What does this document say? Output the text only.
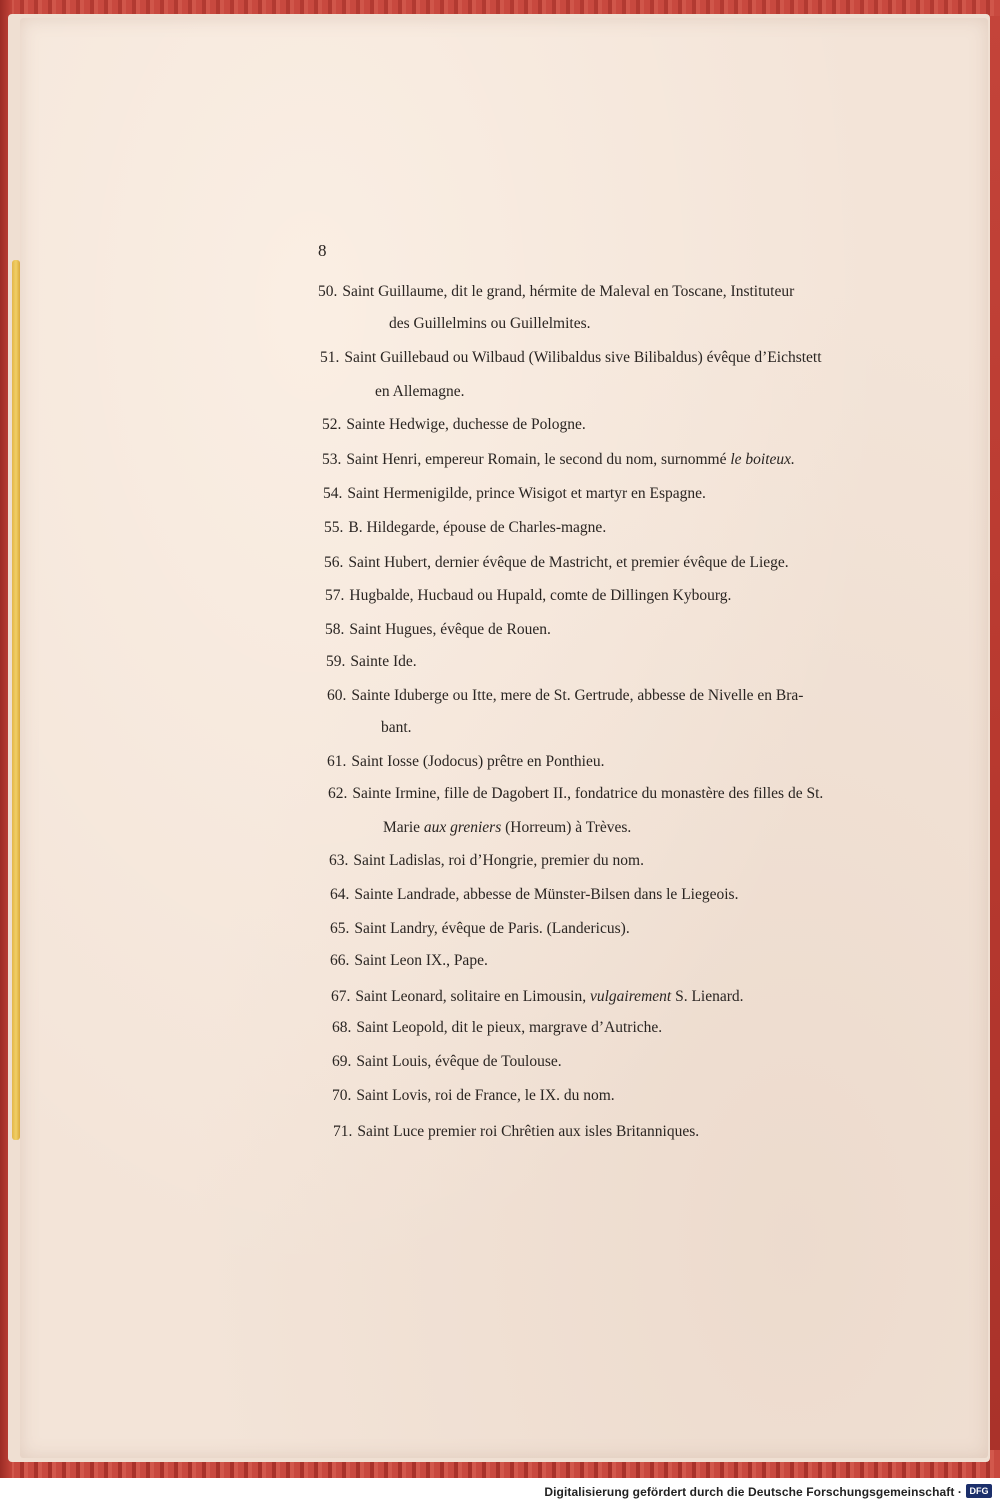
8
50. Saint Guillaume, dit le grand, hérmite de Maleval en Toscane, Instituteur
des Guillelmins ou Guillelmites.
51. Saint Guillebaud ou Wilbaud (Wilibaldus sive Bilibaldus) évêque d’Eichstett
en Allemagne.
52. Sainte Hedwige, duchesse de Pologne.
53. Saint Henri, empereur Romain, le second du nom, surnommé le boiteux.
54. Saint Hermenigilde, prince Wisigot et martyr en Espagne.
55. B. Hildegarde, épouse de Charles-magne.
56. Saint Hubert, dernier évêque de Mastricht, et premier évêque de Liege.
57. Hugbalde, Hucbaud ou Hupald, comte de Dillingen Kybourg.
58. Saint Hugues, évêque de Rouen.
59. Sainte Ide.
60. Sainte Iduberge ou Itte, mere de St. Gertrude, abbesse de Nivelle en Bra-
bant.
61. Saint Iosse (Jodocus) prêtre en Ponthieu.
62. Sainte Irmine, fille de Dagobert II., fondatrice du monastère des filles de St.
Marie aux greniers (Horreum) à Trèves.
63. Saint Ladislas, roi d’Hongrie, premier du nom.
64. Sainte Landrade, abbesse de Münster-Bilsen dans le Liegeois.
65. Saint Landry, évêque de Paris. (Landericus).
66. Saint Leon IX., Pape.
67. Saint Leonard, solitaire en Limousin, vulgairement S. Lienard.
68. Saint Leopold, dit le pieux, margrave d’Autriche.
69. Saint Louis, évêque de Toulouse.
70. Saint Lovis, roi de France, le IX. du nom.
71. Saint Luce premier roi Chrêtien aux isles Britanniques.
Digitalisierung gefördert durch die Deutsche Forschungsgemeinschaft · DFG
